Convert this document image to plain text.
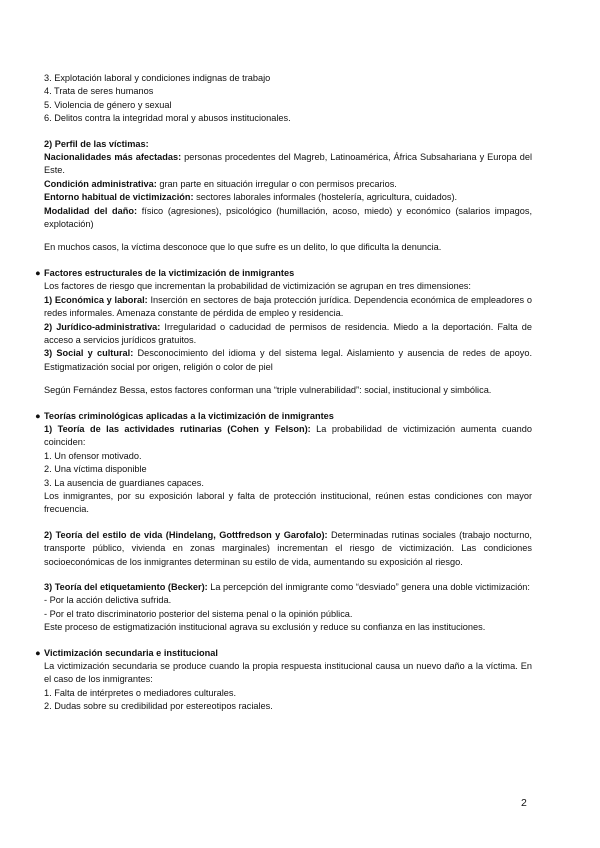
3. Explotación laboral y condiciones indignas de trabajo

4. Trata de seres humanos

5. Violencia de género y sexual

6. Delitos contra la integridad moral y abusos institucionales.

2) Perfil de las víctimas:

Nacionalidades más afectadas: personas procedentes del Magreb, Latinoamérica, África Subsahariana y Europa del Este.

Condición administrativa: gran parte en situación irregular o con permisos precarios.

Entorno habitual de victimización: sectores laborales informales (hostelería, agricultura, cuidados).

Modalidad del daño: físico (agresiones), psicológico (humillación, acoso, miedo) y económico (salarios impagos, explotación)

En muchos casos, la víctima desconoce que lo que sufre es un delito, lo que dificulta la denuncia.

● Factores estructurales de la victimización de inmigrantes

Los factores de riesgo que incrementan la probabilidad de victimización se agrupan en tres dimensiones:

1) Económica y laboral: Inserción en sectores de baja protección jurídica. Dependencia económica de empleadores o redes informales. Amenaza constante de pérdida de empleo y residencia.

2) Jurídico-administrativa: Irregularidad o caducidad de permisos de residencia. Miedo a la deportación. Falta de acceso a servicios jurídicos gratuitos.

3) Social y cultural: Desconocimiento del idioma y del sistema legal. Aislamiento y ausencia de redes de apoyo. Estigmatización social por origen, religión o color de piel

Según Fernández Bessa, estos factores conforman una “triple vulnerabilidad”: social, institucional y simbólica.

● Teorías criminológicas aplicadas a la victimización de inmigrantes

1) Teoría de las actividades rutinarias (Cohen y Felson): La probabilidad de victimización aumenta cuando coinciden:

1. Un ofensor motivado.

2. Una víctima disponible

3. La ausencia de guardianes capaces.

Los inmigrantes, por su exposición laboral y falta de protección institucional, reúnen estas condiciones con mayor frecuencia.

2) Teoría del estilo de vida (Hindelang, Gottfredson y Garofalo): Determinadas rutinas sociales (trabajo nocturno, transporte público, vivienda en zonas marginales) incrementan el riesgo de victimización. Las condiciones socioeconómicas de los inmigrantes determinan su estilo de vida, aumentando su exposición al riesgo.

3) Teoría del etiquetamiento (Becker): La percepción del inmigrante como “desviado” genera una doble victimización:

- Por la acción delictiva sufrida.

- Por el trato discriminatorio posterior del sistema penal o la opinión pública.

Este proceso de estigmatización institucional agrava su exclusión y reduce su confianza en las instituciones.

● Victimización secundaria e institucional

La victimización secundaria se produce cuando la propia respuesta institucional causa un nuevo daño a la víctima. En el caso de los inmigrantes:

1. Falta de intérpretes o mediadores culturales.

2. Dudas sobre su credibilidad por estereotipos raciales.

2
